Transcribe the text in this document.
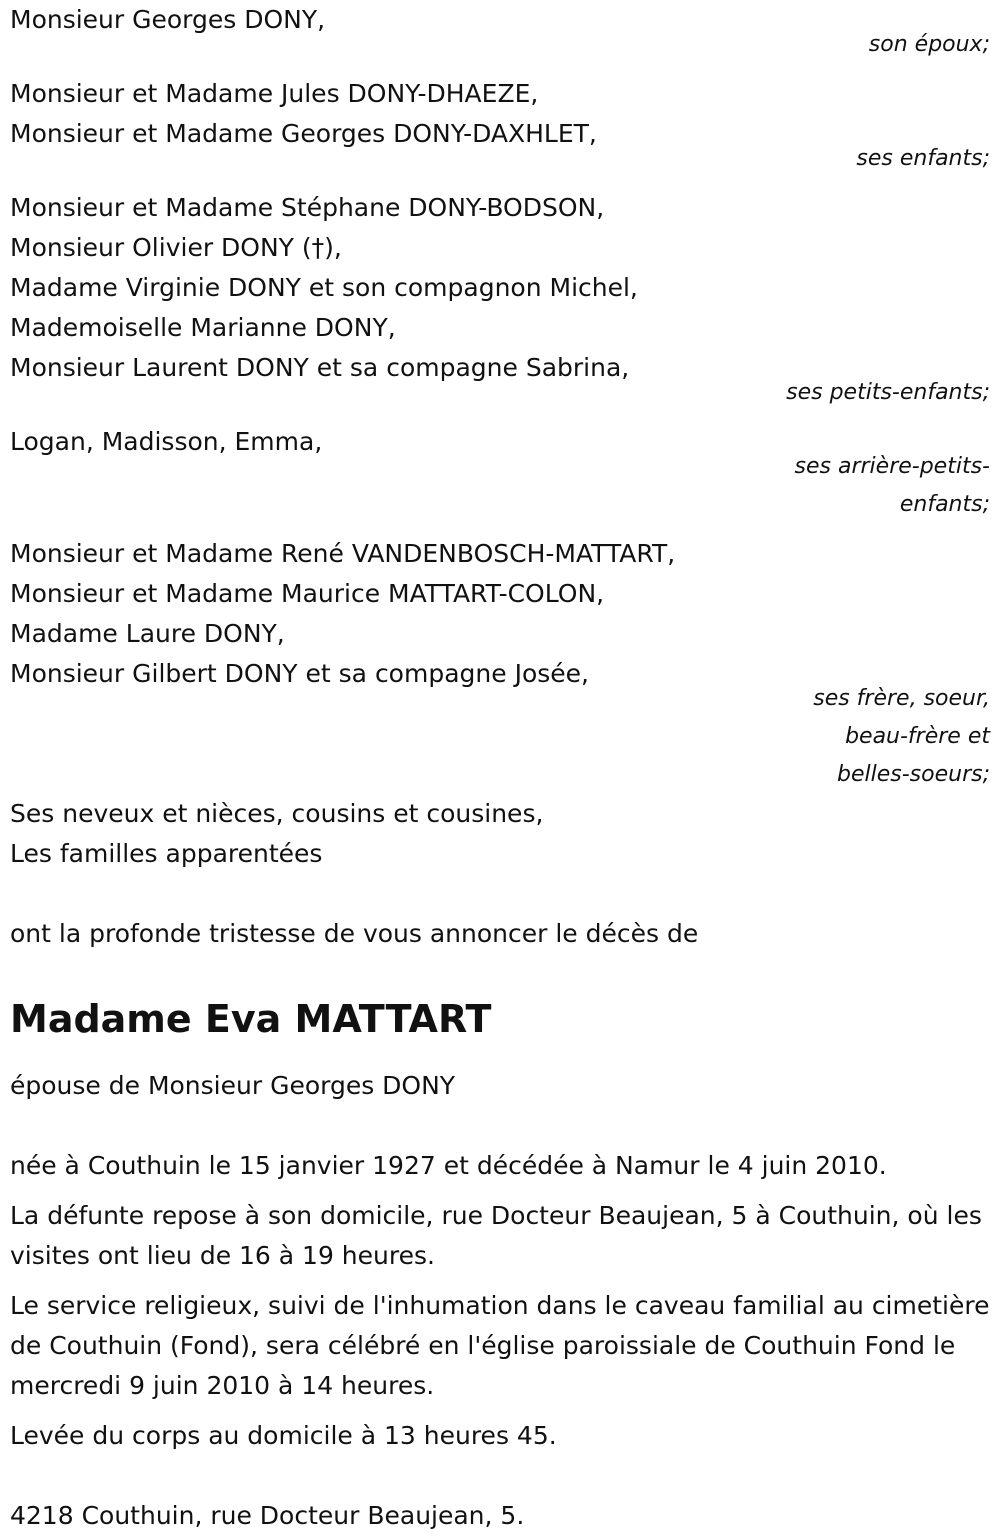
Monsieur Georges DONY,
son époux;
Monsieur et Madame Jules DONY-DHAEZE,
Monsieur et Madame Georges DONY-DAXHLET,
ses enfants;
Monsieur et Madame Stéphane DONY-BODSON,
Monsieur Olivier DONY (†),
Madame Virginie DONY et son compagnon Michel,
Mademoiselle Marianne DONY,
Monsieur Laurent DONY et sa compagne Sabrina,
ses petits-enfants;
Logan, Madisson, Emma,
ses arrière-petits-
enfants;
Monsieur et Madame René VANDENBOSCH-MATTART,
Monsieur et Madame Maurice MATTART-COLON,
Madame Laure DONY,
Monsieur Gilbert DONY et sa compagne Josée,
ses frère, soeur,
beau-frère et
belles-soeurs;
Ses neveux et nièces, cousins et cousines,
Les familles apparentées
ont la profonde tristesse de vous annoncer le décès de
Madame Eva MATTART
épouse de Monsieur Georges DONY
née à Couthuin le 15 janvier 1927 et décédée à Namur le 4 juin 2010.
La défunte repose à son domicile, rue Docteur Beaujean, 5 à Couthuin, où les visites ont lieu de 16 à 19 heures.
Le service religieux, suivi de l'inhumation dans le caveau familial au cimetière de Couthuin (Fond), sera célébré en l'église paroissiale de Couthuin Fond le mercredi 9 juin 2010 à 14 heures.
Levée du corps au domicile à 13 heures 45.
4218 Couthuin, rue Docteur Beaujean, 5.
